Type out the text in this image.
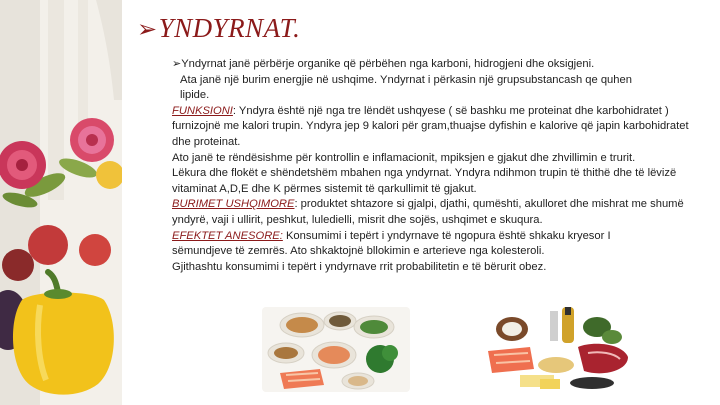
➢YNDYRNAT.

➢Yndyrnat janë përbërje organike që përbëhen nga karboni, hidrogjeni dhe oksigjeni.

Ata janë një burim energjie në ushqime. Yndyrnat i përkasin një grupsubstancash qe quhen

lipide.

FUNKSIONI: Yndyra është një nga tre lëndët ushqyese ( së bashku me proteinat dhe karbohidratet ) furnizojnë me kalori trupin. Yndyra jep 9 kalori për gram,thuajse dyfishin e kalorive që japin karbohidratet dhe proteinat.

Ato janë te rëndësishme për kontrollin e inflamacionit, mpiksjen e gjakut dhe zhvillimin e trurit.

Lëkura dhe flokët e shëndetshëm mbahen nga yndyrnat. Yndyra ndihmon trupin të thithë dhe të lëvizë vitaminat A,D,E dhe K përmes sistemit të qarkullimit të gjakut.

BURIMET USHQIMORE: produktet shtazore si gjalpi, djathi, qumështi, akulloret dhe mishrat me shumë yndyrë, vaji i ullirit, peshkut, luledielli, misrit dhe sojës, ushqimet e skuqura.

EFEKTET ANESORE: Konsumimi i tepërt i yndyrnave të ngopura është shkaku kryesor I

sëmundjeve të zemrës. Ato shkaktojnë bllokimin e arterieve nga kolesteroli.

Gjithashtu konsumimi i tepërt i yndyrnave rrit probabilitetin e të bërurit obez.
